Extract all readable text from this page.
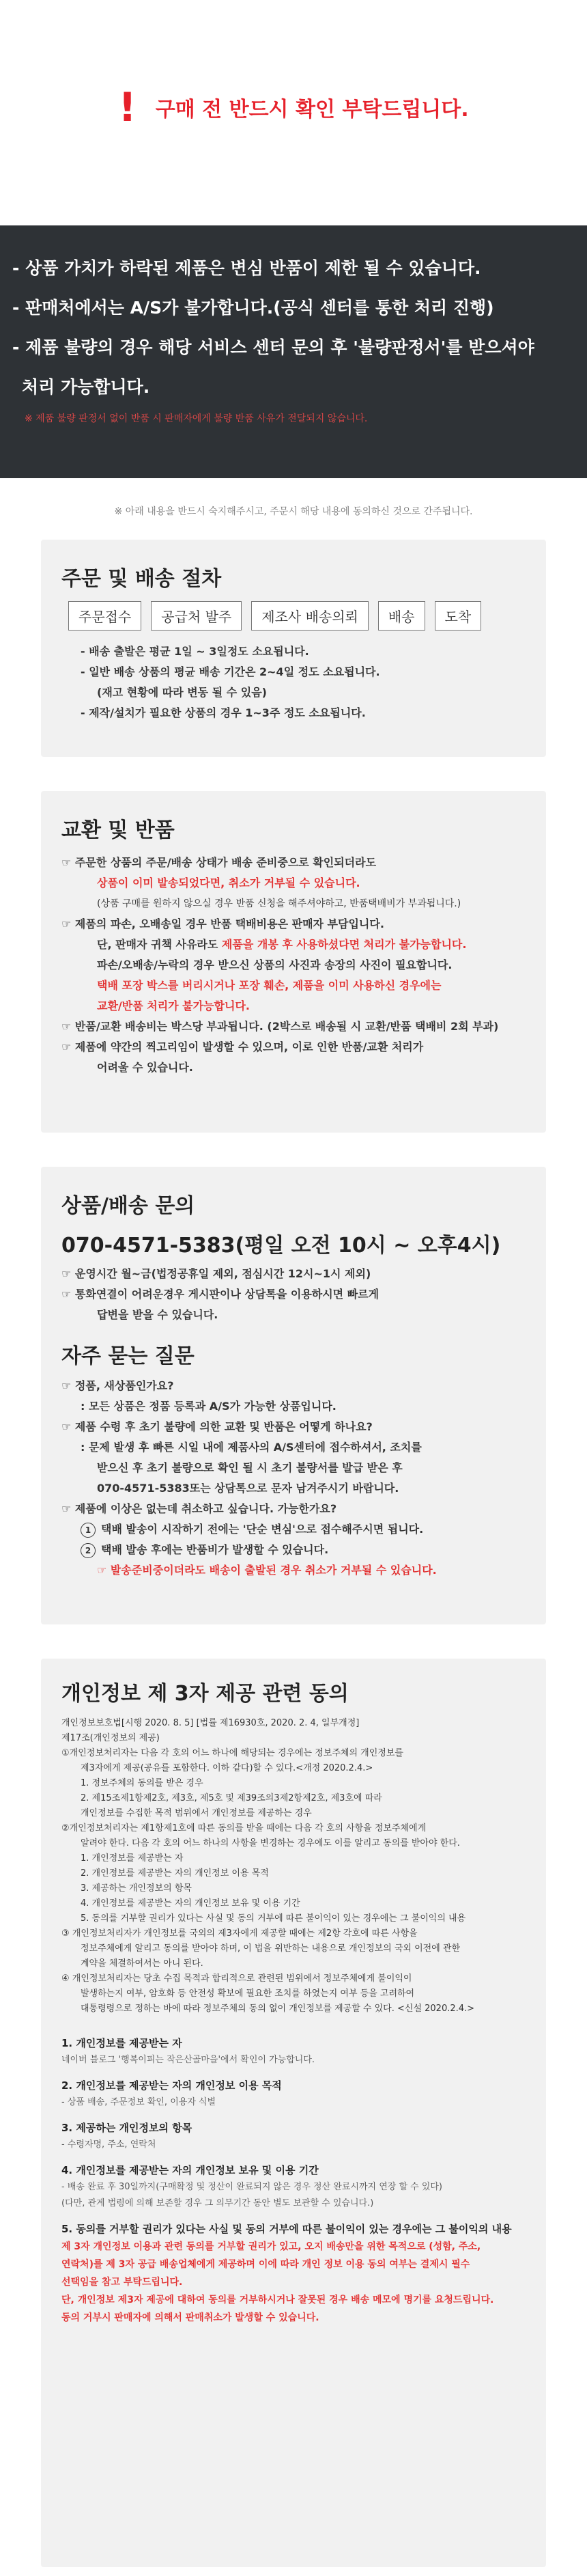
! 구매 전 반드시 확인 부탁드립니다.
- 상품 가치가 하락된 제품은 변심 반품이 제한 될 수 있습니다.
- 판매처에서는 A/S가 불가합니다.(공식 센터를 통한 처리 진행)
- 제품 불량의 경우 해당 서비스 센터 문의 후 '불량판정서'를 받으셔야
처리 가능합니다.
※ 제품 불량 판정서 없이 반품 시 판매자에게 불량 반품 사유가 전달되지 않습니다.
※ 아래 내용을 반드시 숙지해주시고, 주문시 해당 내용에 동의하신 것으로 간주됩니다.
주문 및 배송 절차
주문접수	공급처 발주	제조사 배송의뢰	배송	도착
- 배송 출발은 평균 1일 ~ 3일정도 소요됩니다.
- 일반 배송 상품의 평균 배송 기간은 2~4일 정도 소요됩니다.
(재고 현황에 따라 변동 될 수 있음)
- 제작/설치가 필요한 상품의 경우 1~3주 정도 소요됩니다.
교환 및 반품
☞ 주문한 상품의 주문/배송 상태가 배송 준비중으로 확인되더라도
상품이 이미 발송되었다면, 취소가 거부될 수 있습니다.
(상품 구매를 원하지 않으실 경우 반품 신청을 해주셔야하고, 반품택배비가 부과됩니다.)
☞ 제품의 파손, 오배송일 경우 반품 택배비용은 판매자 부담입니다.
단, 판매자 귀책 사유라도 제품을 개봉 후 사용하셨다면 처리가 불가능합니다.
파손/오배송/누락의 경우 받으신 상품의 사진과 송장의 사진이 필요합니다.
택배 포장 박스를 버리시거나 포장 훼손, 제품을 이미 사용하신 경우에는
교환/반품 처리가 불가능합니다.
☞ 반품/교환 배송비는 박스당 부과됩니다. (2박스로 배송될 시 교환/반품 택배비 2회 부과)
☞ 제품에 약간의 찍고리임이 발생할 수 있으며, 이로 인한 반품/교환 처리가
어려울 수 있습니다.
상품/배송 문의
070-4571-5383(평일 오전 10시 ~ 오후4시)
☞ 운영시간 월~금(법정공휴일 제외, 점심시간 12시~1시 제외)
☞ 통화연결이 어려운경우 게시판이나 상담톡을 이용하시면 빠르게
답변을 받을 수 있습니다.
자주 묻는 질문
☞ 정품, 새상품인가요?
: 모든 상품은 정품 등록과 A/S가 가능한 상품입니다.
☞ 제품 수령 후 초기 불량에 의한 교환 및 반품은 어떻게 하나요?
: 문제 발생 후 빠른 시일 내에 제품사의 A/S센터에 접수하셔서, 조치를
받으신 후 초기 불량으로 확인 될 시 초기 불량서를 발급 받은 후
070-4571-5383또는 상담톡으로 문자 남겨주시기 바랍니다.
☞ 제품에 이상은 없는데 취소하고 싶습니다. 가능한가요?
1 택배 발송이 시작하기 전에는 '단순 변심'으로 접수해주시면 됩니다.
2 택배 발송 후에는 반품비가 발생할 수 있습니다.
☞ 발송준비중이더라도 배송이 출발된 경우 취소가 거부될 수 있습니다.
개인정보 제 3자 제공 관련 동의
개인정보보호법[시행 2020. 8. 5] [법률 제16930호, 2020. 2. 4, 일부개정]
제17조(개인정보의 제공)
①개인정보처리자는 다음 각 호의 어느 하나에 해당되는 경우에는 정보주체의 개인정보를
제3자에게 제공(공유를 포함한다. 이하 같다)할 수 있다.<개정 2020.2.4.>
1. 정보주체의 동의를 받은 경우
2. 제15조제1항제2호, 제3호, 제5호 및 제39조의3제2항제2호, 제3호에 따라
개인정보를 수집한 목적 범위에서 개인정보를 제공하는 경우
②개인정보처리자는 제1항제1호에 따른 동의를 받을 때에는 다음 각 호의 사항을 정보주체에게
알려야 한다. 다음 각 호의 어느 하나의 사항을 변경하는 경우에도 이를 알리고 동의를 받아야 한다.
1. 개인정보를 제공받는 자
2. 개인정보를 제공받는 자의 개인정보 이용 목적
3. 제공하는 개인정보의 항목
4. 개인정보를 제공받는 자의 개인정보 보유 및 이용 기간
5. 동의를 거부할 권리가 있다는 사실 및 동의 거부에 따른 불이익이 있는 경우에는 그 불이익의 내용
③ 개인정보처리자가 개인정보를 국외의 제3자에게 제공할 때에는 제2항 각호에 따른 사항을
정보주체에게 알리고 동의를 받아야 하며, 이 법을 위반하는 내용으로 개인정보의 국외 이전에 관한
계약을 체결하여서는 아니 된다.
④ 개인정보처리자는 당초 수집 목적과 합리적으로 관련된 범위에서 정보주체에게 불이익이
발생하는지 여부, 암호화 등 안전성 확보에 필요한 조치를 하였는지 여부 등을 고려하여
대통령령으로 정하는 바에 따라 정보주체의 동의 없이 개인정보를 제공할 수 있다. <신설 2020.2.4.>
1. 개인정보를 제공받는 자
네이버 블로그 '행복이피는 작은산골마을'에서 확인이 가능합니다.
2. 개인정보를 제공받는 자의 개인정보 이용 목적
- 상품 배송, 주문정보 확인, 이용자 식별
3. 제공하는 개인정보의 항목
- 수령자명, 주소, 연락처
4. 개인정보를 제공받는 자의 개인정보 보유 및 이용 기간
- 배송 완료 후 30일까지(구매확정 및 정산이 완료되지 않은 경우 정산 완료시까지 연장 할 수 있다)
(다만, 관계 법령에 의해 보존할 경우 그 의무기간 동안 별도 보관할 수 있습니다.)
5. 동의를 거부할 권리가 있다는 사실 및 동의 거부에 따른 불이익이 있는 경우에는 그 불이익의 내용
제 3자 개인정보 이용과 관련 동의를 거부할 권리가 있고, 오지 배송만을 위한 목적으로 (성함, 주소,
연락처)를 제 3자 공급 배송업체에게 제공하며 이에 따라 개인 정보 이용 동의 여부는 결제시 필수
선택임을 참고 부탁드립니다.
단, 개인정보 제3자 제공에 대하여 동의를 거부하시거나 잘못된 경우 배송 메모에 명기를 요청드립니다.
동의 거부시 판매자에 의해서 판매취소가 발생할 수 있습니다.
